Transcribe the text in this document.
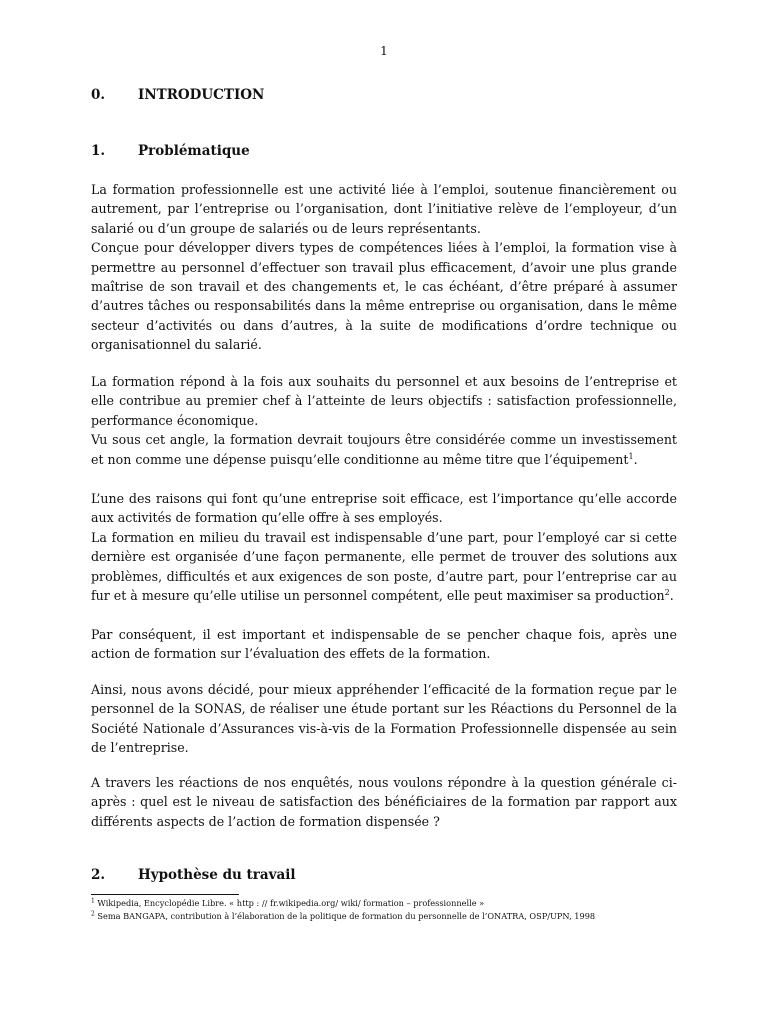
1
0. INTRODUCTION
1. Problématique

La formation professionnelle est une activité liée à l’emploi, soutenue financièrement ou autrement, par l’entreprise ou l’organisation, dont l’initiative relève de l’employeur, d’un salarié ou d’un groupe de salariés ou de leurs représentants.

Conçue pour développer divers types de compétences liées à l’emploi, la formation vise à permettre au personnel d’effectuer son travail plus efficacement, d’avoir une plus grande maîtrise de son travail et des changements et, le cas échéant, d’être préparé à assumer d’autres tâches ou responsabilités dans la même entreprise ou organisation, dans le même secteur d’activités ou dans d’autres, à la suite de modifications d’ordre technique ou organisationnel du salarié.

La formation répond à la fois aux souhaits du personnel et aux besoins de l’entreprise et elle contribue au premier chef à l’atteinte de leurs objectifs : satisfaction professionnelle, performance économique.

Vu sous cet angle, la formation devrait toujours être considérée comme un investissement et non comme une dépense puisqu’elle conditionne au même titre que l’équipement$^1$.

L’une des raisons qui font qu’une entreprise soit efficace, est l’importance qu’elle accorde aux activités de formation qu’elle offre à ses employés.

La formation en milieu du travail est indispensable d’une part, pour l’employé car si cette dernière est organisée d’une façon permanente, elle permet de trouver des solutions aux problèmes, difficultés et aux exigences de son poste, d’autre part, pour l’entreprise car au fur et à mesure qu’elle utilise un personnel compétent, elle peut maximiser sa production$^2$.

Par conséquent, il est important et indispensable de se pencher chaque fois, après une action de formation sur l’évaluation des effets de la formation.

Ainsi, nous avons décidé, pour mieux appréhender l‘efficacité de la formation reçue par le personnel de la SONAS, de réaliser une étude portant sur les Réactions du Personnel de la Société Nationale d’Assurances vis-à-vis de la Formation Professionnelle dispensée au sein de l’entreprise.

A travers les réactions de nos enquêtés, nous voulons répondre à la question générale ci-après : quel est le niveau de satisfaction des bénéficiaires de la formation par rapport aux différents aspects de l’action de formation dispensée ?

2. Hypothèse du travail
$^1$ Wikipedia, Encyclopédie Libre. « http : // fr.wikipedia.org/ wiki/ formation – professionnelle »
$^2$ Sema BANGAPA, contribution à l’élaboration de la politique de formation du personnelle de l’ONATRA, OSP/UPN, 1998
